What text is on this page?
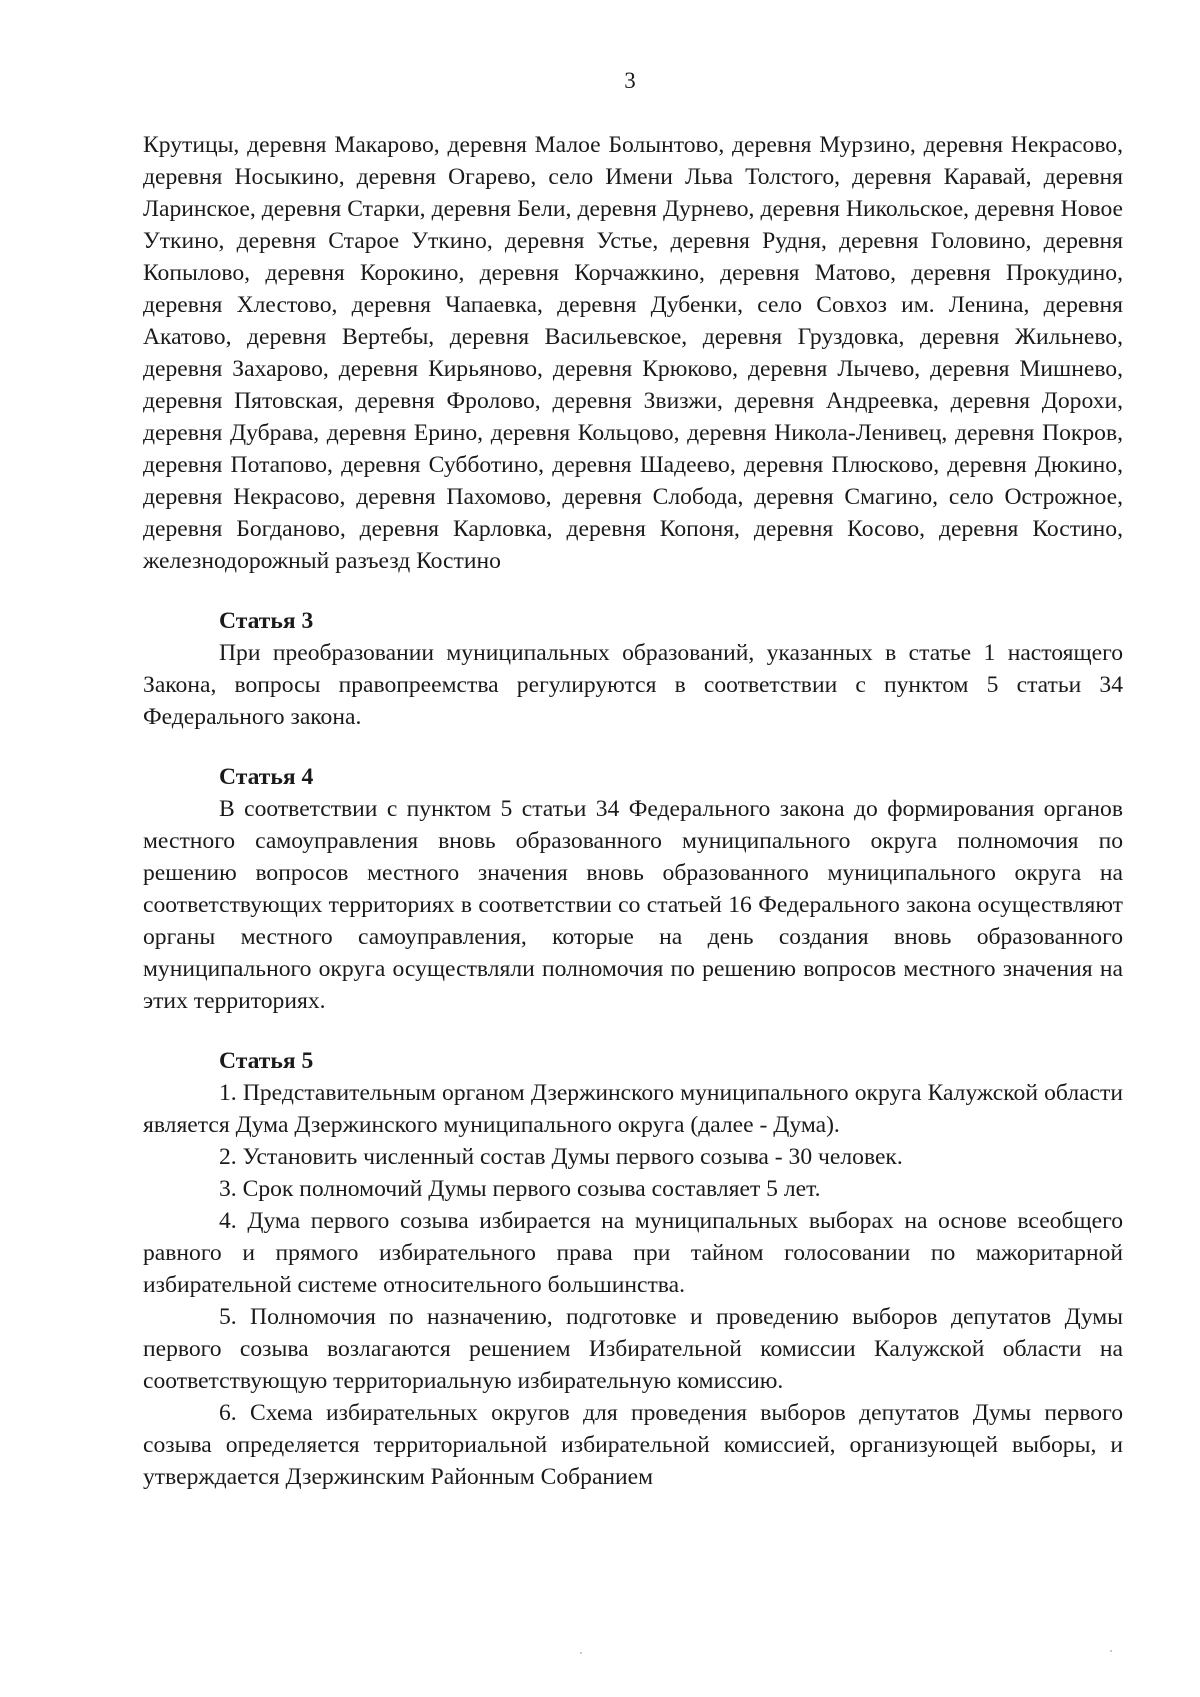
3

Крутицы, деревня Макарово, деревня Малое Болынтово, деревня Мурзино, деревня Некрасово, деревня Носыкино, деревня Огарево, село Имени Льва Толстого, деревня Каравай, деревня Ларинское, деревня Старки, деревня Бели, деревня Дурнево, деревня Никольское, деревня Новое Уткино, деревня Старое Уткино, деревня Устье, деревня Рудня, деревня Головино, деревня Копылово, деревня Корокино, деревня Корчажкино, деревня Матово, деревня Прокудино, деревня Хлестово, деревня Чапаевка, деревня Дубенки, село Совхоз им. Ленина, деревня Акатово, деревня Вертебы, деревня Васильевское, деревня Груздовка, деревня Жильнево, деревня Захарово, деревня Кирьяново, деревня Крюково, деревня Лычево, деревня Мишнево, деревня Пятовская, деревня Фролово, деревня Звизжи, деревня Андреевка, деревня Дорохи, деревня Дубрава, деревня Ерино, деревня Кольцово, деревня Никола-Ленивец, деревня Покров, деревня Потапово, деревня Субботино, деревня Шадеево, деревня Плюсково, деревня Дюкино, деревня Некрасово, деревня Пахомово, деревня Слобода, деревня Смагино, село Острожное, деревня Богданово, деревня Карловка, деревня Копоня, деревня Косово, деревня Костино, железнодорожный разъезд Костино

Статья 3

При преобразовании муниципальных образований, указанных в статье 1 настоящего Закона, вопросы правопреемства регулируются в соответствии с пунктом 5 статьи 34 Федерального закона.

Статья 4

В соответствии с пунктом 5 статьи 34 Федерального закона до формирования органов местного самоуправления вновь образованного муниципального округа полномочия по решению вопросов местного значения вновь образованного муниципального округа на соответствующих территориях в соответствии со статьей 16 Федерального закона осуществляют органы местного самоуправления, которые на день создания вновь образованного муниципального округа осуществляли полномочия по решению вопросов местного значения на этих территориях.

Статья 5

1. Представительным органом Дзержинского муниципального округа Калужской области является Дума Дзержинского муниципального округа (далее - Дума).

2. Установить численный состав Думы первого созыва - 30 человек.

3. Срок полномочий Думы первого созыва составляет 5 лет.

4. Дума первого созыва избирается на муниципальных выборах на основе всеобщего равного и прямого избирательного права при тайном голосовании по мажоритарной избирательной системе относительного большинства.

5. Полномочия по назначению, подготовке и проведению выборов депутатов Думы первого созыва возлагаются решением Избирательной комиссии Калужской области на соответствующую территориальную избирательную комиссию.

6. Схема избирательных округов для проведения выборов депутатов Думы первого созыва определяется территориальной избирательной комиссией, организующей выборы, и утверждается Дзержинским Районным Собранием
